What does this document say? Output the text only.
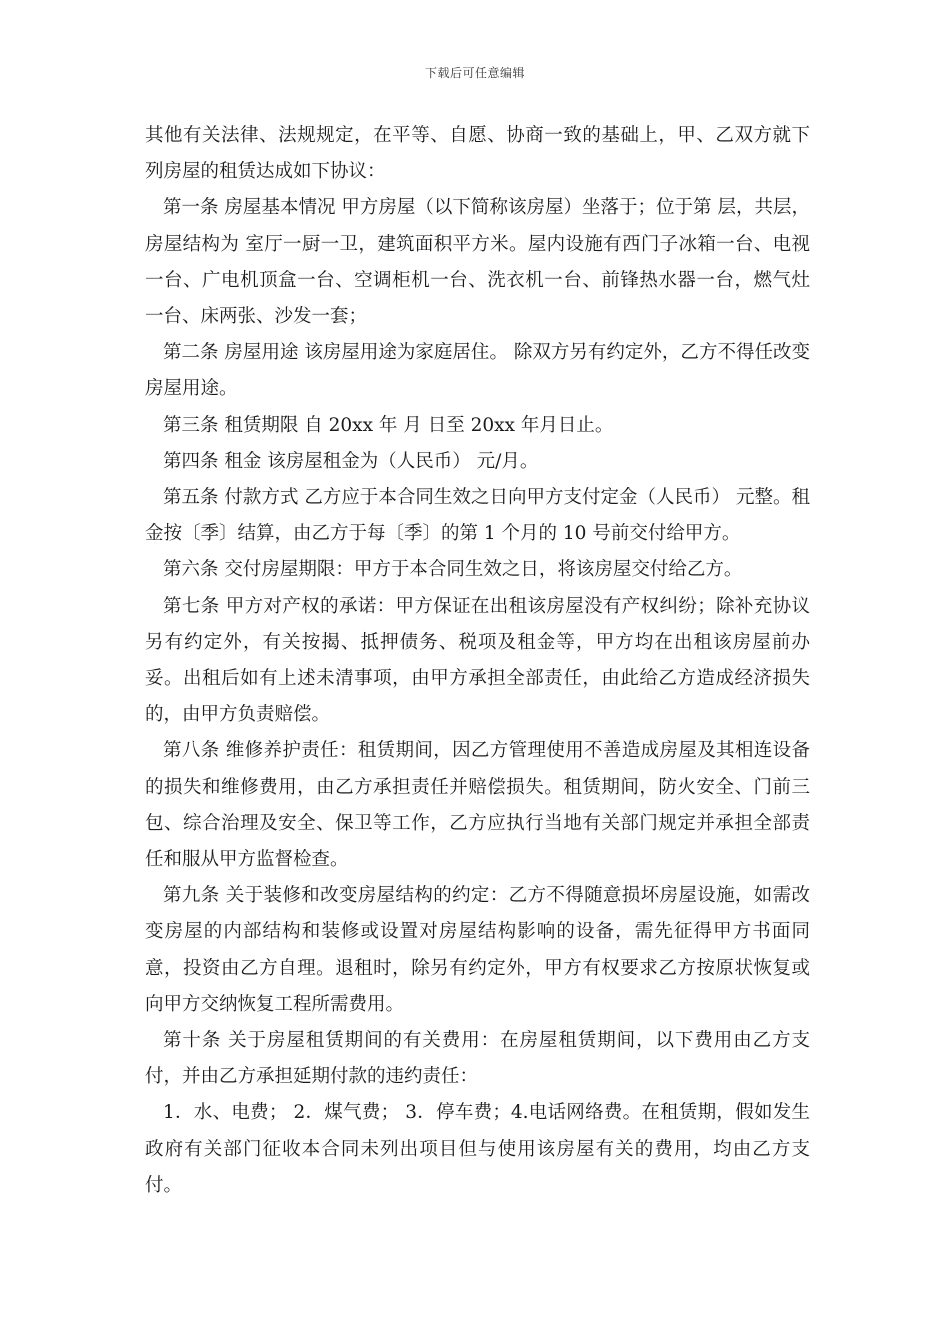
下载后可任意编辑

其他有关法律、法规规定，在平等、自愿、协商一致的基础上，甲、乙双方就下列房屋的租赁达成如下协议：

第一条 房屋基本情况 甲方房屋（以下简称该房屋）坐落于；位于第 层，共层，房屋结构为 室厅一厨一卫，建筑面积平方米。屋内设施有西门子冰箱一台、电视一台、广电机顶盒一台、空调柜机一台、洗衣机一台、前锋热水器一台，燃气灶一台、床两张、沙发一套；

第二条 房屋用途 该房屋用途为家庭居住。 除双方另有约定外，乙方不得任改变房屋用途。

第三条 租赁期限 自 20xx 年 月 日至 20xx 年月日止。

第四条 租金 该房屋租金为（人民币） 元/月。

第五条 付款方式 乙方应于本合同生效之日向甲方支付定金（人民币） 元整。租金按〔季〕结算，由乙方于每〔季〕的第 1 个月的 10 号前交付给甲方。

第六条 交付房屋期限：甲方于本合同生效之日，将该房屋交付给乙方。

第七条 甲方对产权的承诺：甲方保证在出租该房屋没有产权纠纷；除补充协议另有约定外，有关按揭、抵押债务、税项及租金等，甲方均在出租该房屋前办妥。出租后如有上述未清事项，由甲方承担全部责任，由此给乙方造成经济损失的，由甲方负责赔偿。

第八条 维修养护责任：租赁期间，因乙方管理使用不善造成房屋及其相连设备的损失和维修费用，由乙方承担责任并赔偿损失。租赁期间，防火安全、门前三包、综合治理及安全、保卫等工作，乙方应执行当地有关部门规定并承担全部责任和服从甲方监督检查。

第九条 关于装修和改变房屋结构的约定：乙方不得随意损坏房屋设施，如需改变房屋的内部结构和装修或设置对房屋结构影响的设备，需先征得甲方书面同意，投资由乙方自理。退租时，除另有约定外，甲方有权要求乙方按原状恢复或向甲方交纳恢复工程所需费用。

第十条 关于房屋租赁期间的有关费用：在房屋租赁期间，以下费用由乙方支付，并由乙方承担延期付款的违约责任：

1．水、电费； 2．煤气费； 3．停车费；4.电话网络费。在租赁期，假如发生政府有关部门征收本合同未列出项目但与使用该房屋有关的费用，均由乙方支付。
